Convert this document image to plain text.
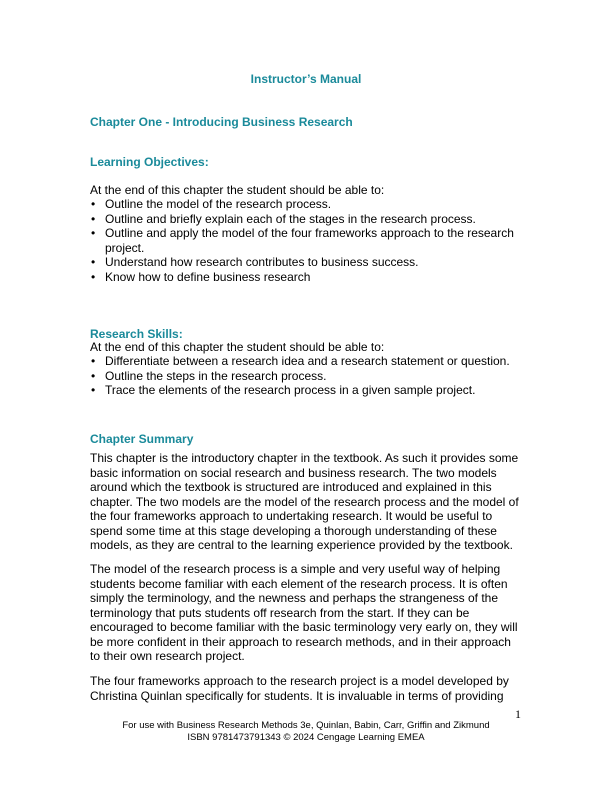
Instructor’s Manual
Chapter One - Introducing Business Research
Learning Objectives:
At the end of this chapter the student should be able to:
• Outline the model of the research process.
• Outline and briefly explain each of the stages in the research process.
• Outline and apply the model of the four frameworks approach to the research project.
• Understand how research contributes to business success.
• Know how to define business research
Research Skills:
At the end of this chapter the student should be able to:
• Differentiate between a research idea and a research statement or question.
• Outline the steps in the research process.
• Trace the elements of the research process in a given sample project.
Chapter Summary

This chapter is the introductory chapter in the textbook. As such it provides some basic information on social research and business research. The two models around which the textbook is structured are introduced and explained in this chapter. The two models are the model of the research process and the model of the four frameworks approach to undertaking research. It would be useful to spend some time at this stage developing a thorough understanding of these models, as they are central to the learning experience provided by the textbook.

The model of the research process is a simple and very useful way of helping students become familiar with each element of the research process. It is often simply the terminology, and the newness and perhaps the strangeness of the terminology that puts students off research from the start. If they can be encouraged to become familiar with the basic terminology very early on, they will be more confident in their approach to research methods, and in their approach to their own research project.

The four frameworks approach to the research project is a model developed by Christina Quinlan specifically for students. It is invaluable in terms of providing

1
For use with Business Research Methods 3e, Quinlan, Babin, Carr, Griffin and Zikmund
ISBN 9781473791343 © 2024 Cengage Learning EMEA
